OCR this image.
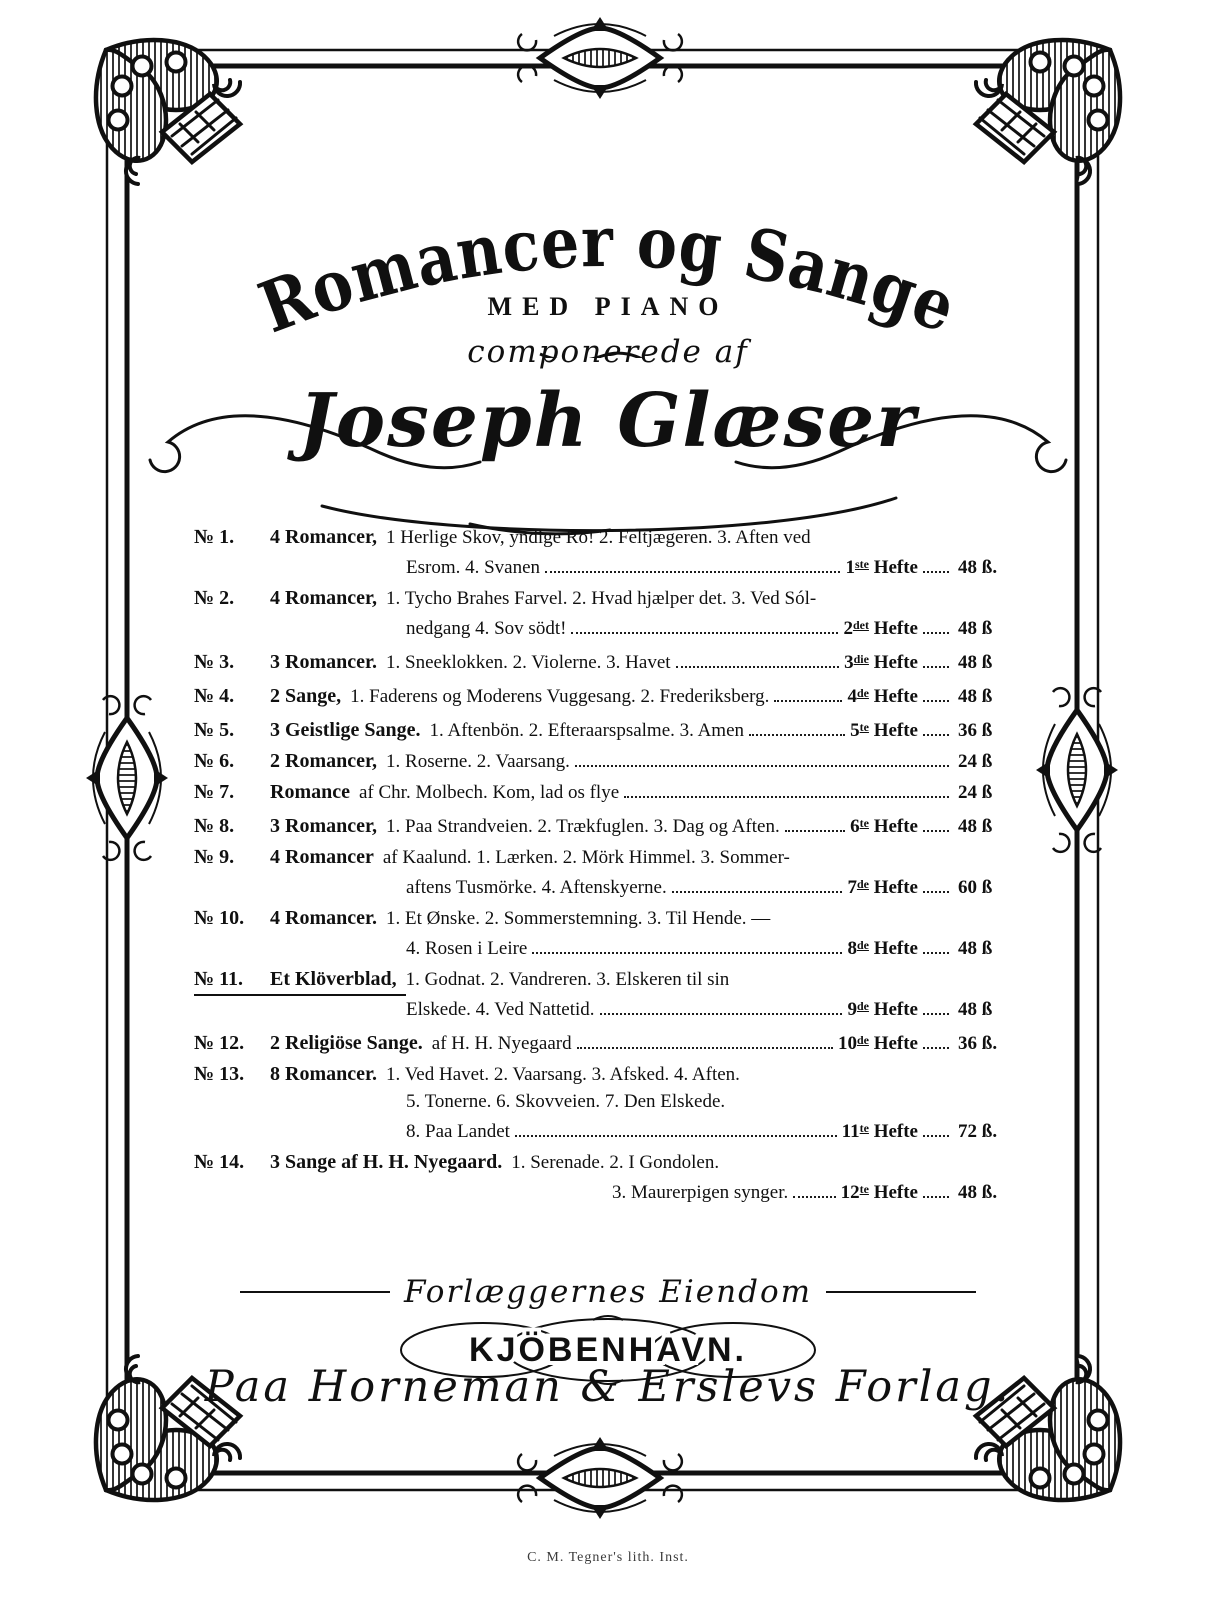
Romancer og Sange
MED PIANO
componerede af
Joseph Glæser
№ 1.	4 Romancer, 1 Herlige Skov, yndige Ro! 2. Feltjægeren. 3. Aften ved
Esrom. 4. Svanen	1ste Hefte 48 ß.
№ 2.	4 Romancer, 1. Tycho Brahes Farvel. 2. Hvad hjælper det. 3. Ved Sól-
nedgang 4. Sov södt!	$2^{det}$ Hefte 48 ß
№ 3.	3 Romancer. 1. Sneeklokken. 2. Violerne. 3. Havet	$3^{die}$ Hefte 48 ß
№ 4.	2 Sange, 1. Faderens og Moderens Vuggesang. 2. Frederiksberg.	4de Hefte 48 ß
№ 5.	3 Geistlige Sange. 1. Aftenbön. 2. Efteraarspsalme. 3. Amen	$5^{te}$ Hefte 36 ß
№ 6.	2 Romancer, 1. Roserne. 2. Vaarsang.	24 ß
№ 7.	Romance af Chr. Molbech. Kom, lad os flye	24 ß
№ 8.	3 Romancer, 1. Paa Strandveien. 2. Trækfuglen. 3. Dag og Aften.	$6^{te}$ Hefte 48 ß
№ 9.	4 Romancer af Kaalund. 1. Lærken. 2. Mörk Himmel. 3. Sommer-
aftens Tusmörke. 4. Aftenskyerne.	7de Hefte 60 ß
№ 10.	4 Romancer. 1. Et Ønske. 2. Sommerstemning. 3. Til Hende. —
4. Rosen i Leire	8de Hefte 48 ß
№ 11.	Et Klöverblad, 1. Godnat. 2. Vandreren. 3. Elskeren til sin
Elskede. 4. Ved Nattetid.	9de Hefte 48 ß
№ 12.	2 Religiöse Sange. af H. H. Nyegaard	10de Hefte 36 ß.
№ 13.	8 Romancer. 1. Ved Havet. 2. Vaarsang. 3. Afsked. 4. Aften.
5. Tonerne. 6. Skovveien. 7. Den Elskede.
8. Paa Landet	$11^{te}$ Hefte 72 ß.
№ 14.	3 Sange af H. H. Nyegaard. 1. Serenade. 2. I Gondolen.
3. Maurerpigen synger.	$12^{te}$ Hefte 48 ß.
Forlæggernes Eiendom
KJÖBENHAVN.
Paa Horneman & Erslevs Forlag.
C. M. Tegner's lith. Inst.
